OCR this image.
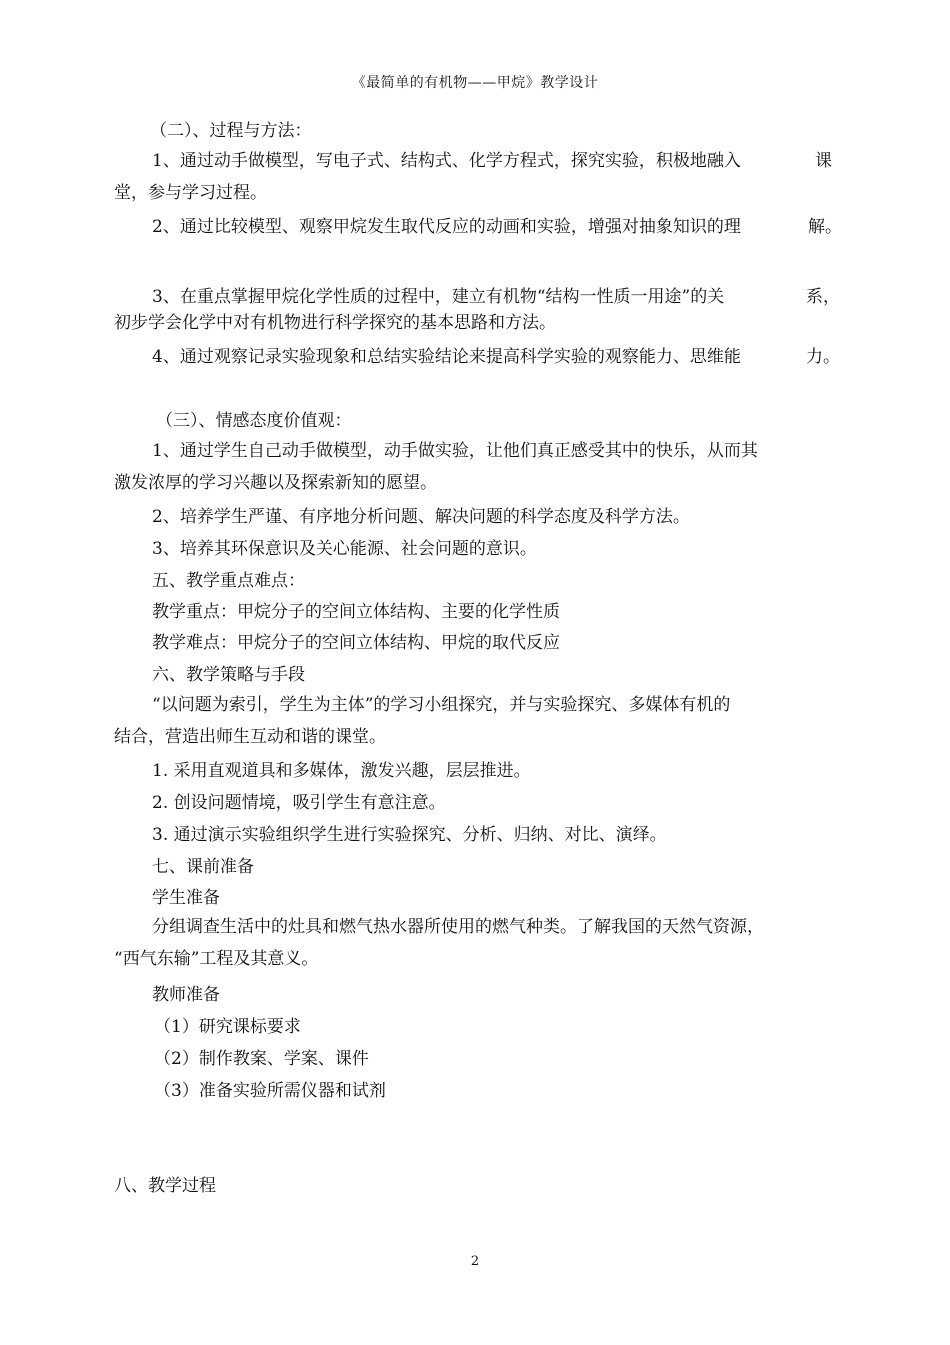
《最简单的有机物——甲烷》教学设计
（二）、过程与方法：
1、通过动手做模型，写电子式、结构式、化学方程式，探究实验，积极地融入	课
堂，参与学习过程。
2、通过比较模型、观察甲烷发生取代反应的动画和实验，增强对抽象知识的理	解。
3、在重点掌握甲烷化学性质的过程中，建立有机物“结构一性质一用途”的关	系，
初步学会化学中对有机物进行科学探究的基本思路和方法。
4、通过观察记录实验现象和总结实验结论来提高科学实验的观察能力、思维能	力。
（三）、情感态度价值观：
1、通过学生自己动手做模型，动手做实验，让他们真正感受其中的快乐，从而其
激发浓厚的学习兴趣以及探索新知的愿望。
2、培养学生严谨、有序地分析问题、解决问题的科学态度及科学方法。
3、培养其环保意识及关心能源、社会问题的意识。
五、教学重点难点：
教学重点：甲烷分子的空间立体结构、主要的化学性质
教学难点：甲烷分子的空间立体结构、甲烷的取代反应
六、教学策略与手段
“以问题为索引，学生为主体”的学习小组探究，并与实验探究、多媒体有机的
结合，营造出师生互动和谐的课堂。
1. 采用直观道具和多媒体，激发兴趣，层层推进。
2. 创设问题情境，吸引学生有意注意。
3. 通过演示实验组织学生进行实验探究、分析、归纳、对比、演绎。
七、课前准备
学生准备
分组调查生活中的灶具和燃气热水器所使用的燃气种类。了解我国的天然气资源，
“西气东输”工程及其意义。
教师准备
（1）研究课标要求
（2）制作教案、学案、课件
（3）准备实验所需仪器和试剂
八、教学过程
2
